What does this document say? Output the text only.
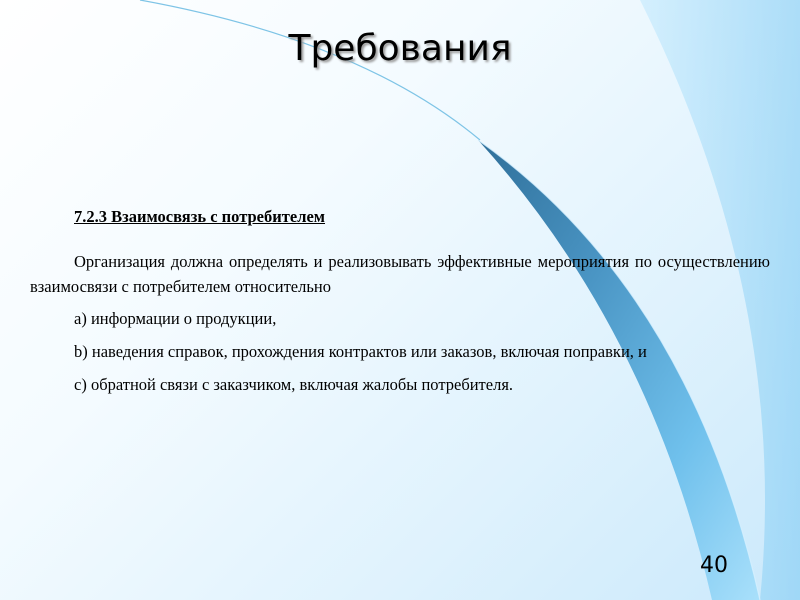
Требования

7.2.3 Взаимосвязь с потребителем

Организация должна определять и реализовывать эффективные мероприятия по осуществлению взаимосвязи с потребителем относительно

a) информации о продукции,

b) наведения справок, прохождения контрактов или заказов, включая поправки, и

c) обратной связи с заказчиком, включая жалобы потребителя.

40
